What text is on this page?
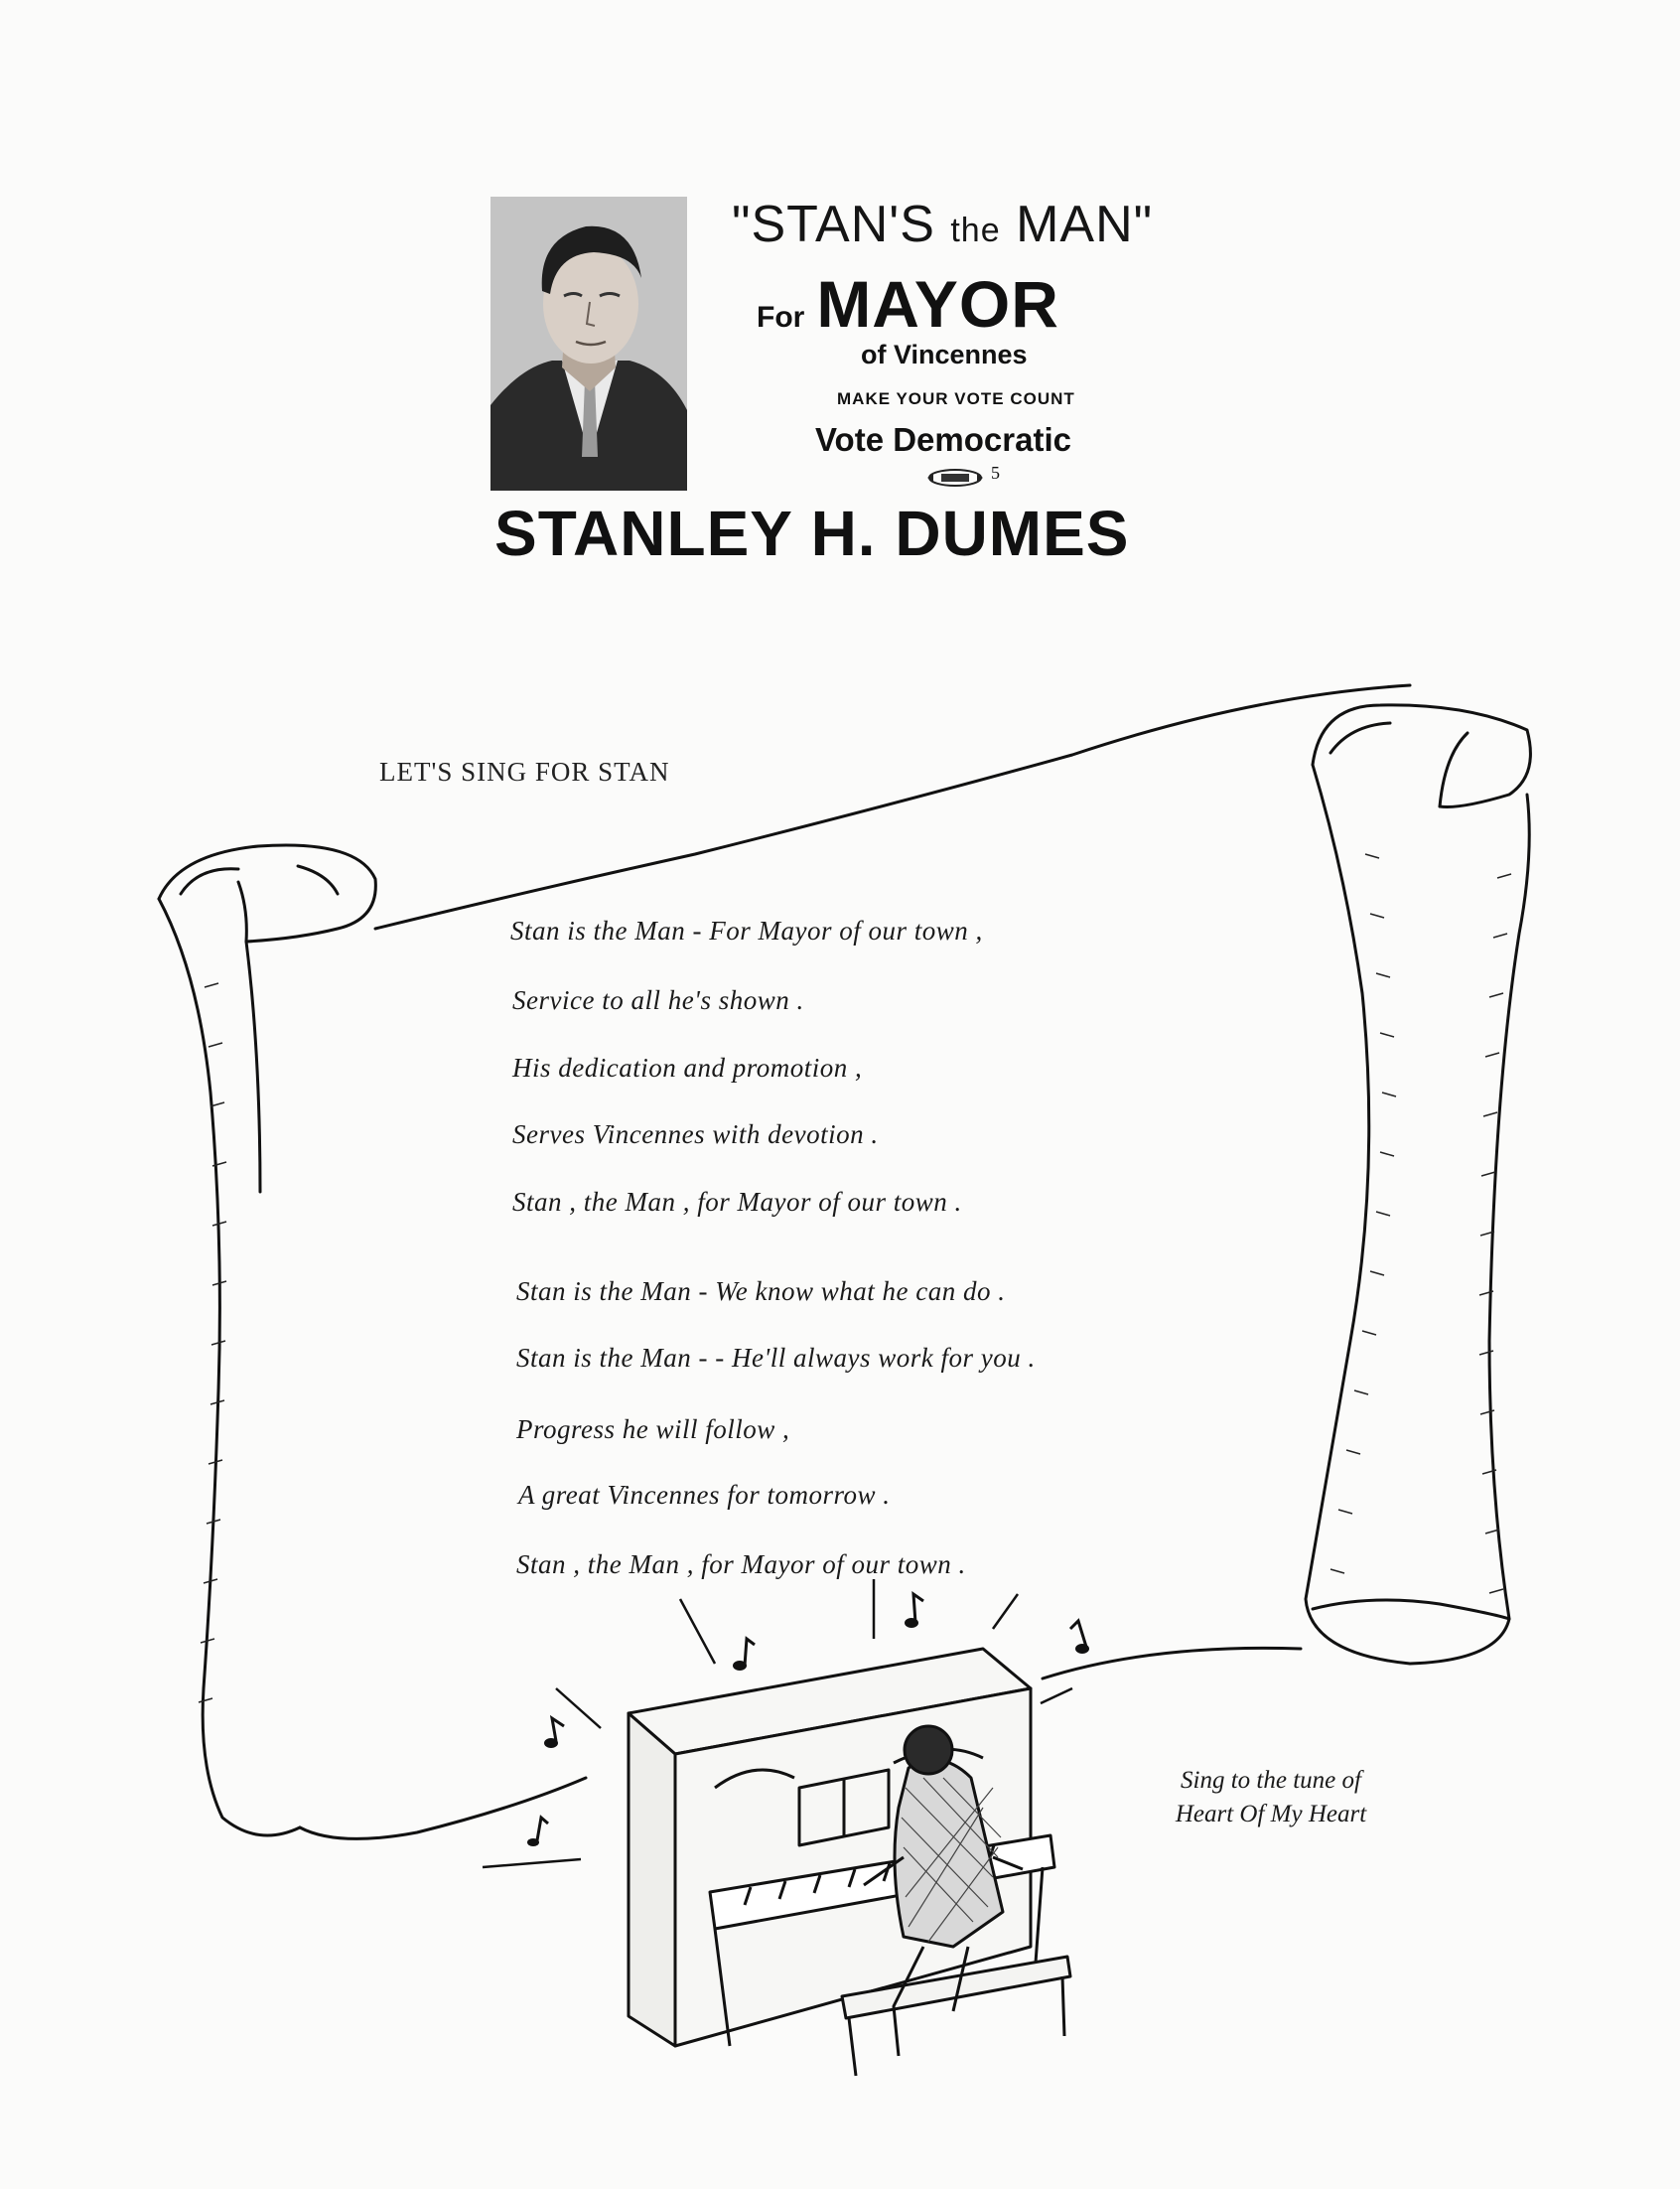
"STAN'S the MAN"
For MAYOR
of Vincennes
MAKE YOUR VOTE COUNT
Vote Democratic
5
STANLEY H. DUMES
LET'S SING FOR STAN
Stan is the Man - For Mayor of our town ,
Service to all he's shown .
His dedication and promotion ,
Serves Vincennes with devotion .
Stan , the Man , for Mayor of our town .
Stan is the Man - We know what he can do .
Stan is the Man - - He'll always work for you .
Progress he will follow ,
A great Vincennes for tomorrow .
Stan , the Man , for Mayor of our town .
Sing to the tune of
Heart Of My Heart
